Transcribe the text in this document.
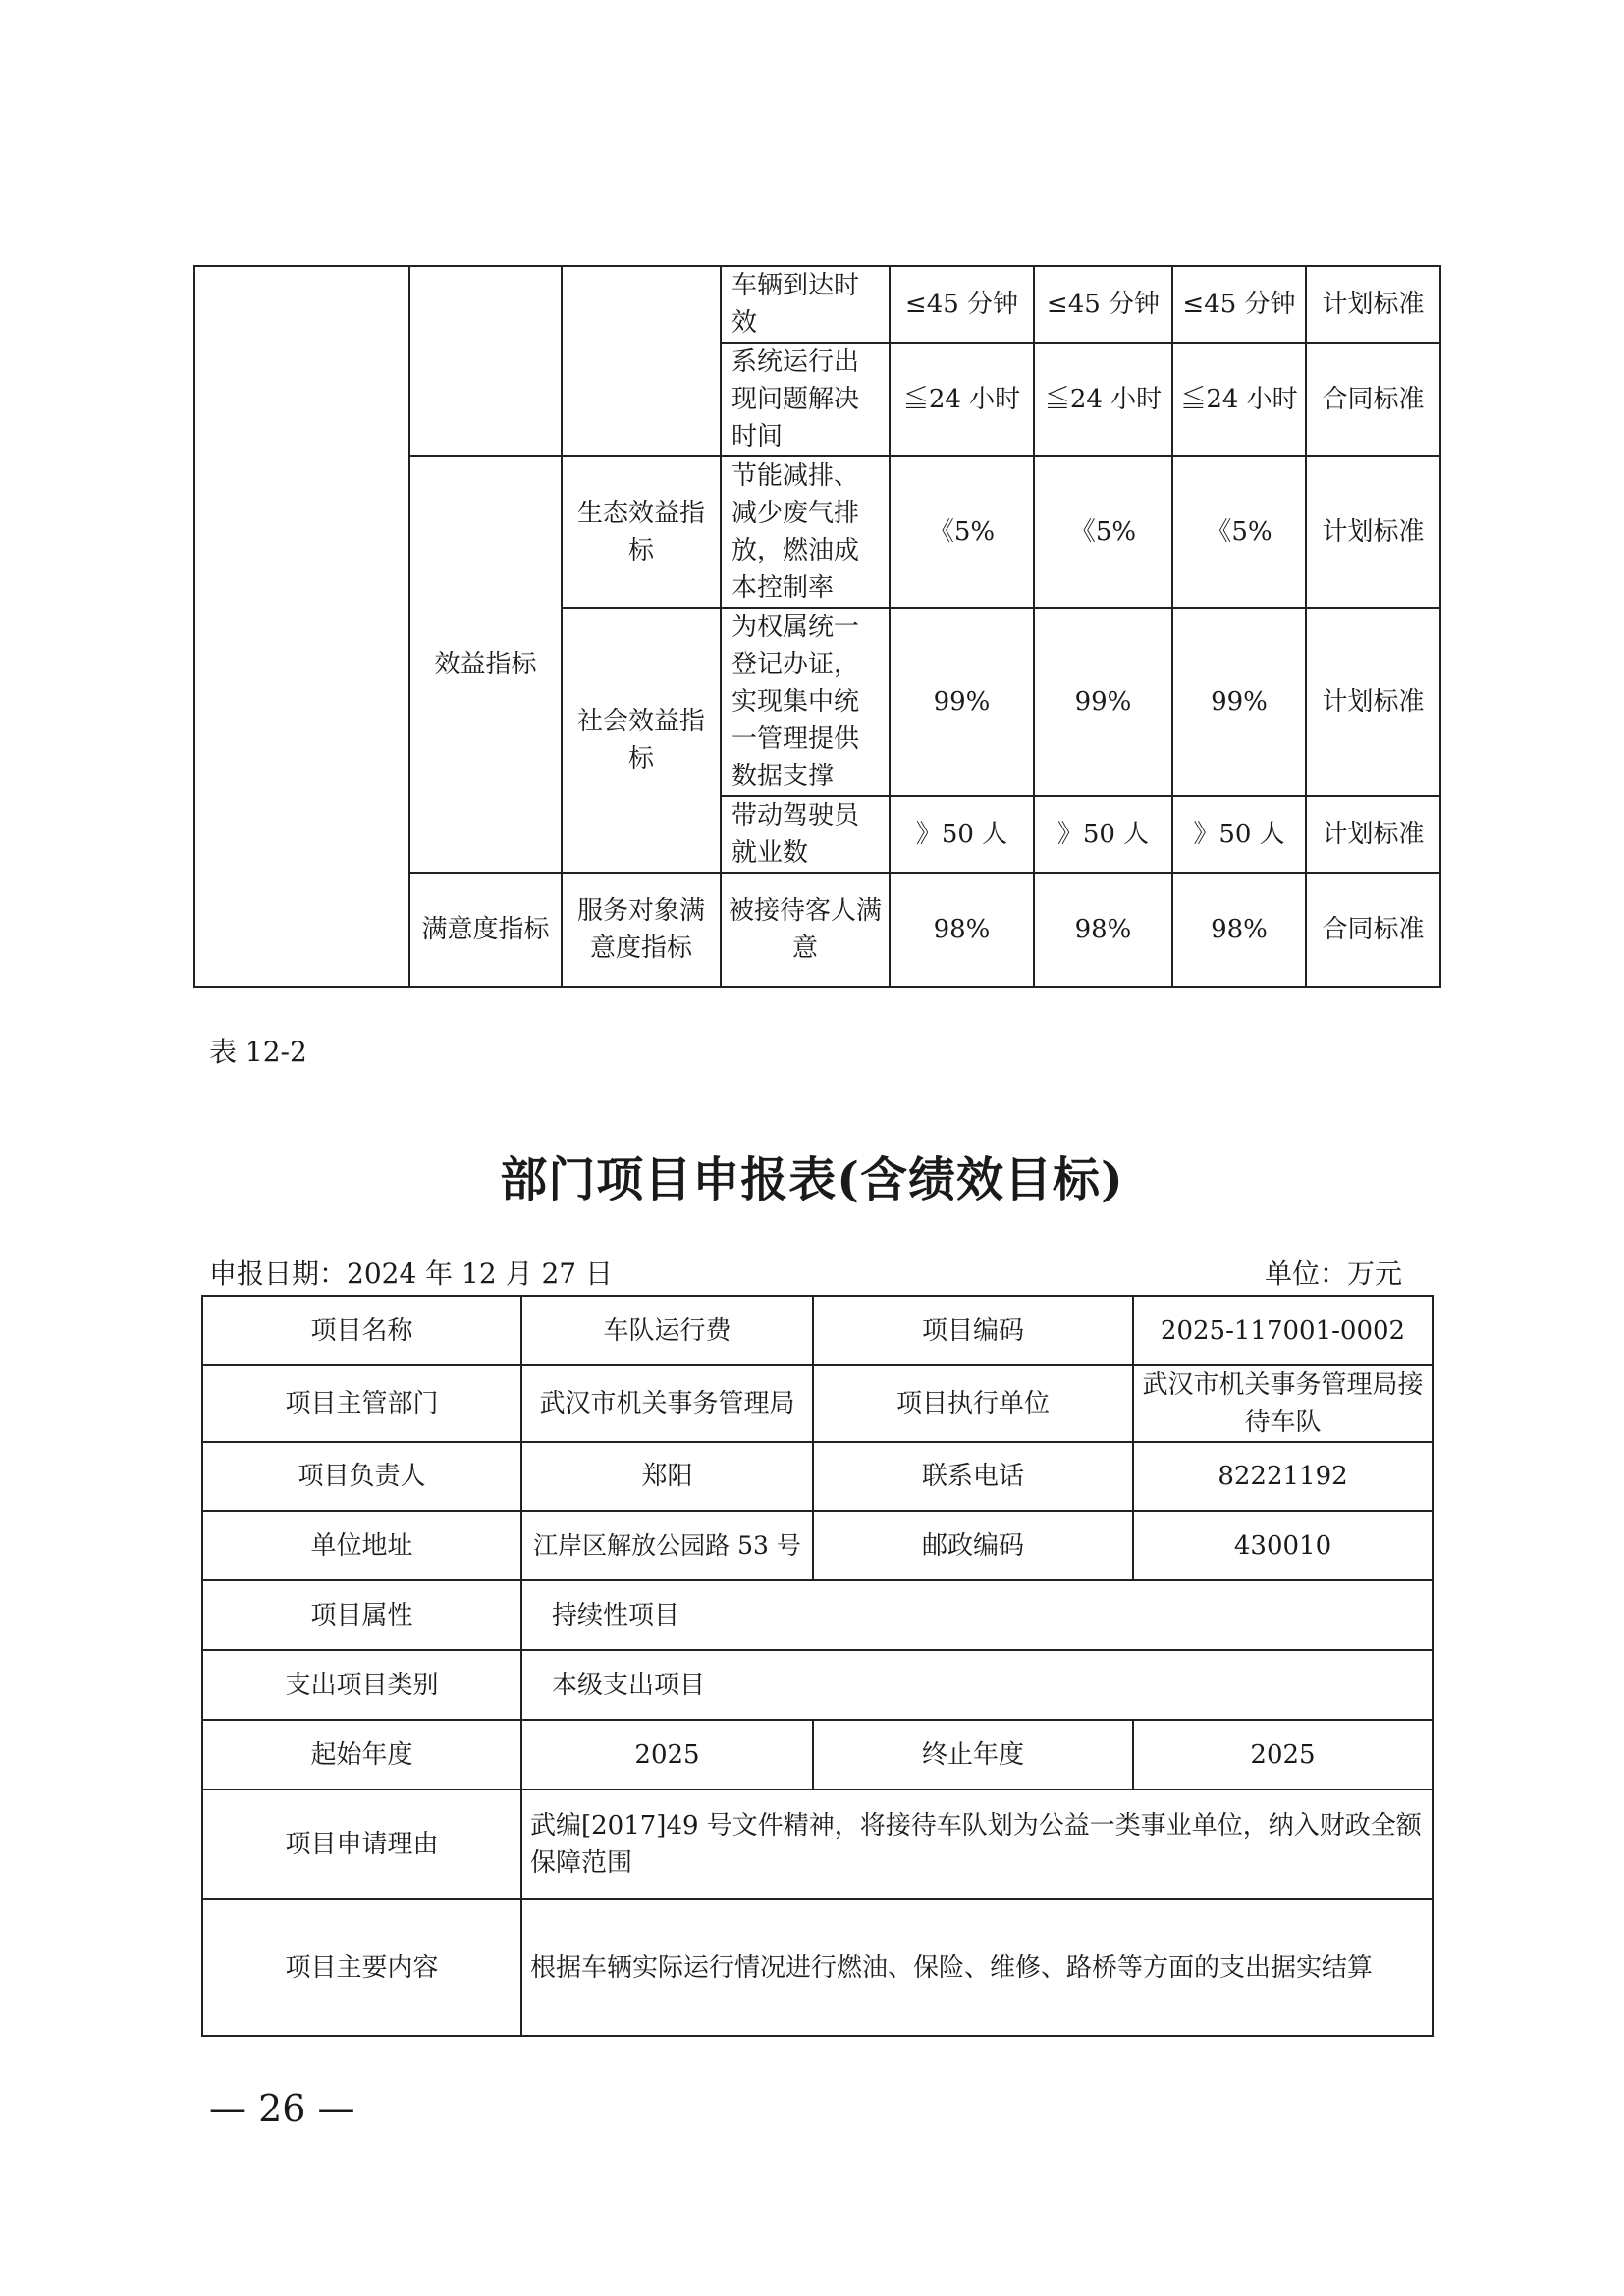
			车辆到达时效	≤45 分钟	≤45 分钟	≤45 分钟	计划标准
			系统运行出现问题解决时间	≦24 小时	≦24 小时	≦24 小时	合同标准
	效益指标	生态效益指标	节能减排、减少废气排放，燃油成本控制率	《5%	《5%	《5%	计划标准
		社会效益指标	为权属统一登记办证，实现集中统一管理提供数据支撑	99%	99%	99%	计划标准
			带动驾驶员就业数	》50 人	》50 人	》50 人	计划标准
	满意度指标	服务对象满意度指标	被接待客人满意	98%	98%	98%	合同标准
表 12-2
部门项目申报表(含绩效目标)
申报日期：2024 年 12 月 27 日	单位：万元
项目名称	车队运行费	项目编码	2025-117001-0002
项目主管部门	武汉市机关事务管理局	项目执行单位	武汉市机关事务管理局接待车队
项目负责人	郑阳	联系电话	82221192
单位地址	江岸区解放公园路 53 号	邮政编码	430010
项目属性	持续性项目		
支出项目类别	本级支出项目		
起始年度	2025	终止年度	2025
项目申请理由	武编[2017]49 号文件精神，将接待车队划为公益一类事业单位，纳入财政全额保障范围		
项目主要内容	根据车辆实际运行情况进行燃油、保险、维修、路桥等方面的支出据实结算		
— 26 —
